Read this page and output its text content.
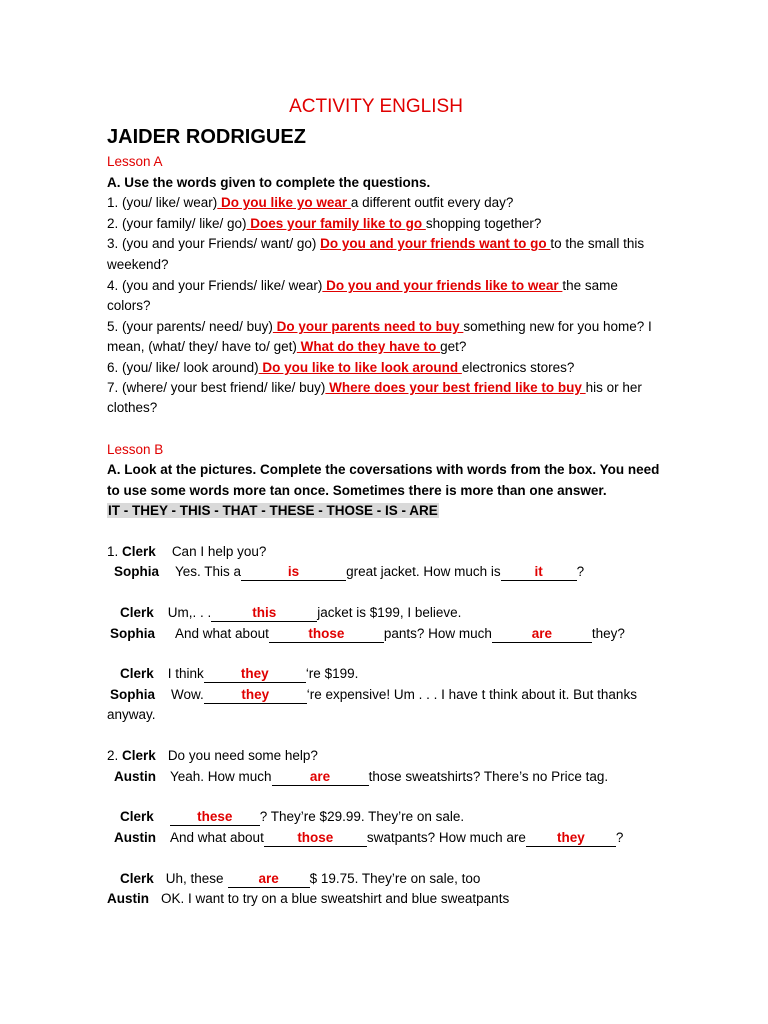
ACTIVITY ENGLISH
JAIDER RODRIGUEZ
Lesson A
A. Use the words given to complete the questions.
1. (you/ like/ wear) Do you like yo wear a different outfit every day?
2. (your family/ like/ go) Does your family like to go shopping together?
3. (you and your Friends/ want/ go) Do you and your friends want to go to the small this
weekend?
4. (you and your Friends/ like/ wear) Do you and your friends like to wear the same
colors?
5. (your parents/ need/ buy) Do your parents need to buy something new for you home? I
mean, (what/ they/ have to/ get) What do they have to get?
6. (you/ like/ look around) Do you like to like look around electronics stores?
7. (where/ your best friend/ like/ buy) Where does your best friend like to buy his or her
clothes?
Lesson B
A. Look at the pictures. Complete the coversations with words from the box. You need
to use some words more tan once. Sometimes there is more than one answer.
IT - THEY - THIS - THAT - THESE - THOSE - IS - ARE
1. Clerk Can I help you?
Sophia Yes. This a	is	great jacket. How much is	it	?
Clerk Um,. . .	this	jacket is $199, I believe.
Sophia And what about	those	pants? How much	are	they?
Clerk I think	they	‘re $199.
Sophia Wow.	they	‘re expensive! Um . . . I have t think about it. But thanks
anyway.
2. Clerk Do you need some help?
Austin Yeah. How much	are	those sweatshirts? There’s no Price tag.
Clerk	these ? They’re $29.99. They’re on sale.
Austin And what about those swatpants? How much are they ?
Clerk Uh, these	are $ 19.75. They’re on sale, too
Austin OK. I want to try on a blue sweatshirt and blue sweatpants
